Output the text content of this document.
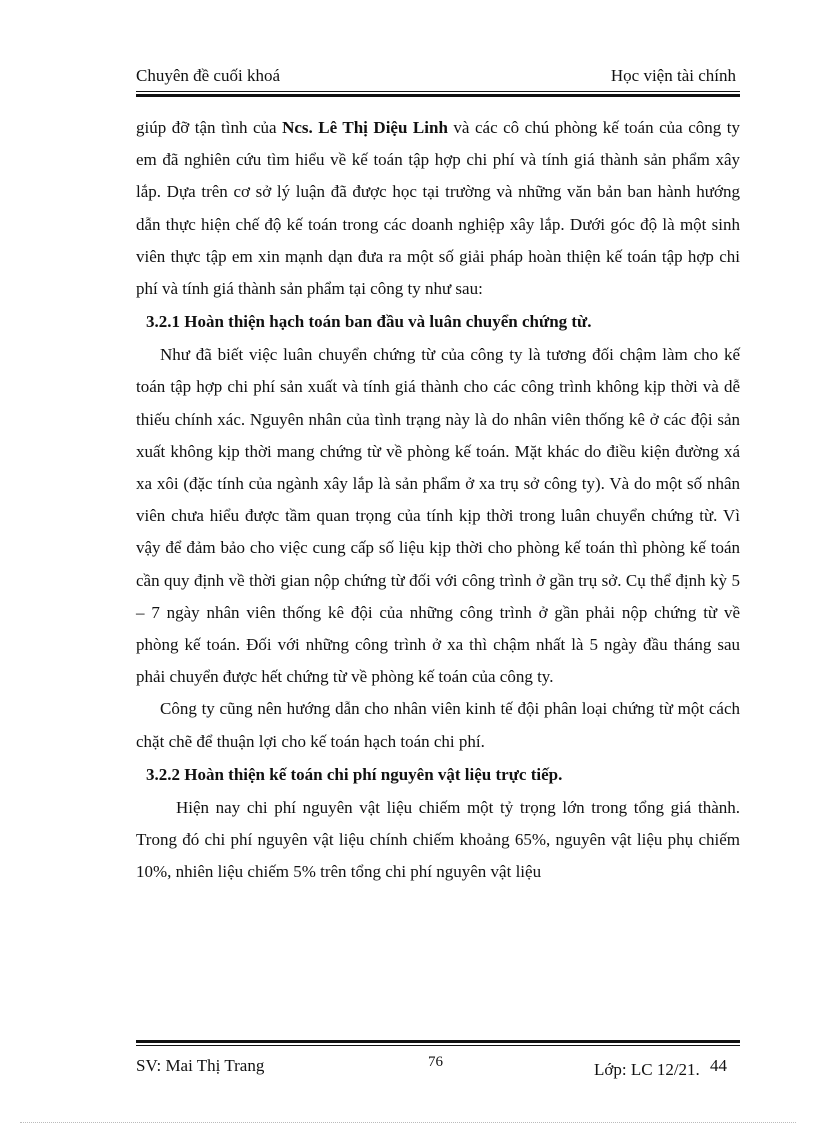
Chuyên đề cuối khoá	Học viện tài chính

giúp đỡ tận tình của Ncs. Lê Thị Diệu Linh và các cô chú phòng kế toán của công ty em đã nghiên cứu tìm hiểu về kế toán tập hợp chi phí và tính giá thành sản phẩm xây lắp. Dựa trên cơ sở lý luận đã được học tại trường và những văn bản ban hành hướng dẫn thực hiện chế độ kế toán trong các doanh nghiệp xây lắp. Dưới góc độ là một sinh viên thực tập em xin mạnh dạn đưa ra một số giải pháp hoàn thiện kế toán tập hợp chi phí và tính giá thành sản phẩm tại công ty như sau:

3.2.1 Hoàn thiện hạch toán ban đầu và luân chuyển chứng từ.

Như đã biết việc luân chuyển chứng từ của công ty là tương đối chậm làm cho kế toán tập hợp chi phí sản xuất và tính giá thành cho các công trình không kịp thời và dễ thiếu chính xác. Nguyên nhân của tình trạng này là do nhân viên thống kê ở các đội sản xuất không kịp thời mang chứng từ về phòng kế toán. Mặt khác do điều kiện đường xá xa xôi (đặc tính của ngành xây lắp là sản phẩm ở xa trụ sở công ty). Và do một số nhân viên chưa hiểu được tầm quan trọng của tính kịp thời trong luân chuyển chứng từ. Vì vậy để đảm bảo cho việc cung cấp số liệu kịp thời cho phòng kế toán thì phòng kế toán cần quy định về thời gian nộp chứng từ đối với công trình ở gần trụ sở. Cụ thể định kỳ 5 – 7 ngày nhân viên thống kê đội của những công trình ở gần phải nộp chứng từ về phòng kế toán. Đối với những công trình ở xa thì chậm nhất là 5 ngày đầu tháng sau phải chuyển được hết chứng từ về phòng kế toán của công ty.

Công ty cũng nên hướng dẫn cho nhân viên kinh tế đội phân loại chứng từ một cách chặt chẽ để thuận lợi cho kế toán hạch toán chi phí.

3.2.2 Hoàn thiện kế toán chi phí nguyên vật liệu trực tiếp.

Hiện nay chi phí nguyên vật liệu chiếm một tỷ trọng lớn trong tổng giá thành. Trong đó chi phí nguyên vật liệu chính chiếm khoảng 65%, nguyên vật liệu phụ chiếm 10%, nhiên liệu chiếm 5% trên tổng chi phí nguyên vật liệu

SV: Mai Thị Trang	76	Lớp: LC 12/21. 44
